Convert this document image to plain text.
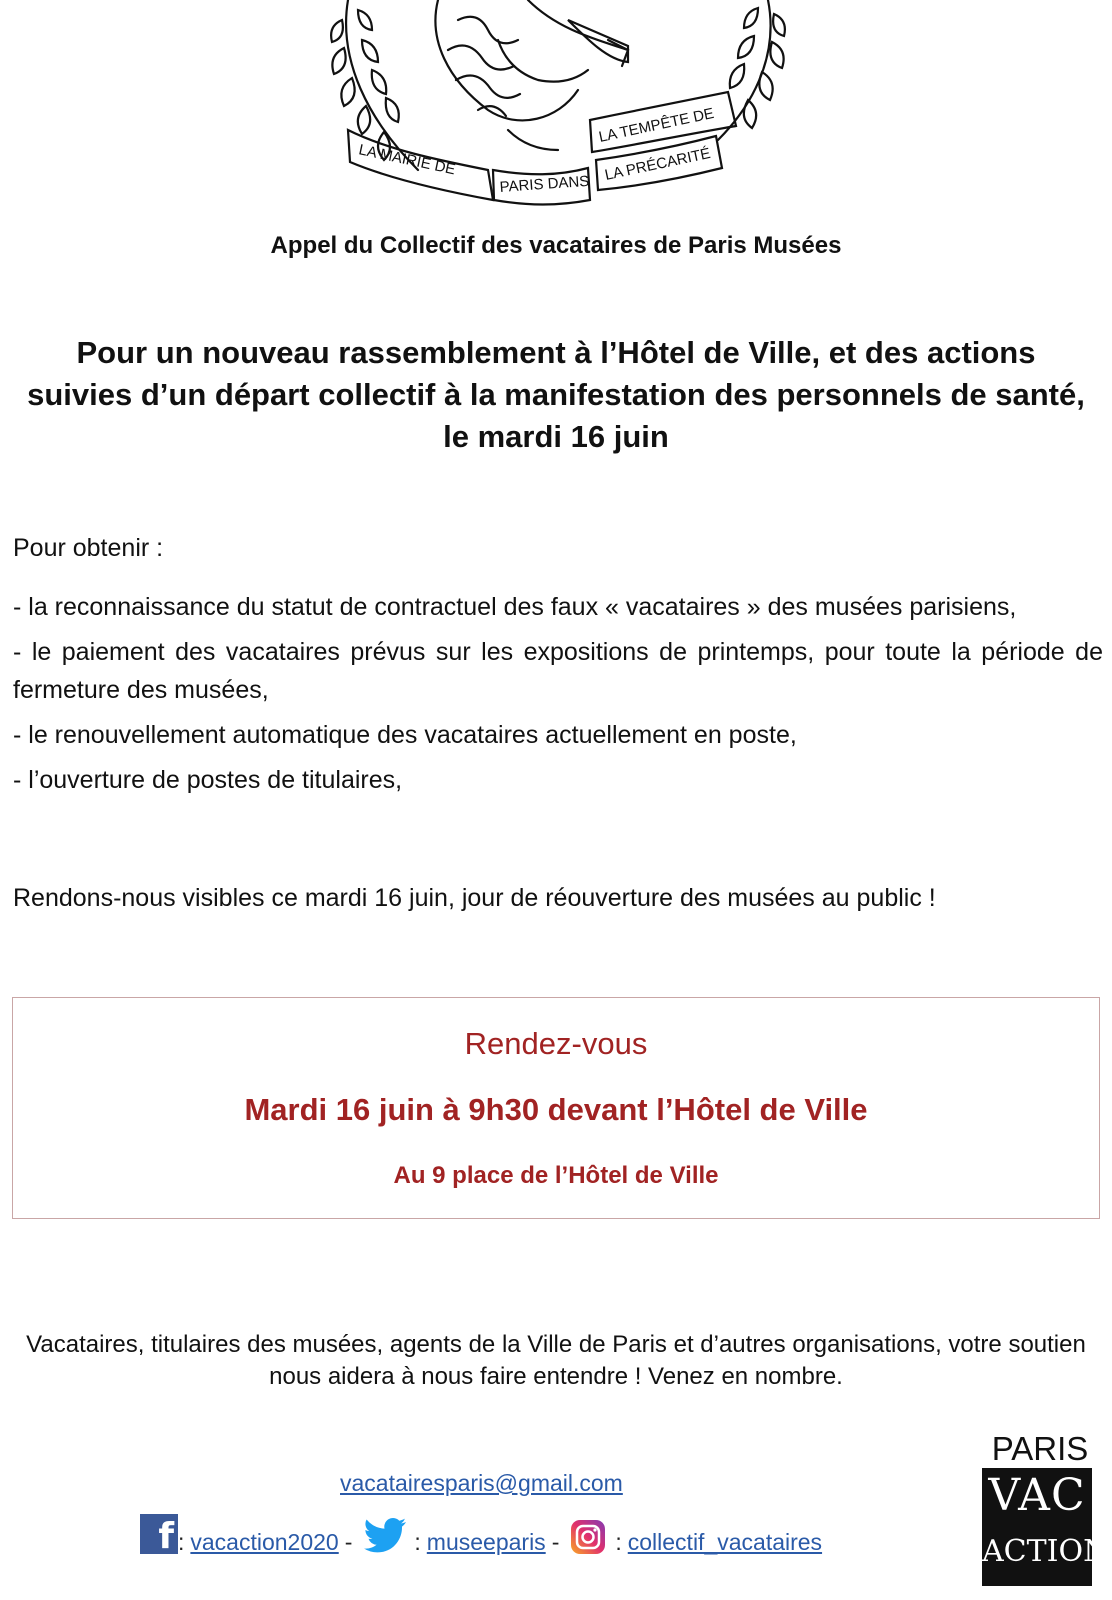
LA MAIRIE DE
PARIS DANS
LA TEMPÊTE DE
LA PRÉCARITÉ
Appel du Collectif des vacataires de Paris Musées
Pour un nouveau rassemblement à l’Hôtel de Ville, et des actions suivies d’un départ collectif à la manifestation des personnels de santé, le mardi 16 juin
Pour obtenir :

- la reconnaissance du statut de contractuel des faux « vacataires » des musées parisiens,

- le paiement des vacataires prévus sur les expositions de printemps, pour toute la période de fermeture des musées,

- le renouvellement automatique des vacataires actuellement en poste,

- l’ouverture de postes de titulaires,

Rendons-nous visibles ce mardi 16 juin, jour de réouverture des musées au public !
Rendez-vous
Mardi 16 juin à 9h30 devant l’Hôtel de Ville
Au 9 place de l’Hôtel de Ville
Vacataires, titulaires des musées, agents de la Ville de Paris et d’autres organisations, votre soutien nous aidera à nous faire entendre ! Venez en nombre.
vacatairesparis@gmail.com
f : vacaction2020 -	: museeparis - : collectif_vacataires
PARIS
VAC
ACTION
